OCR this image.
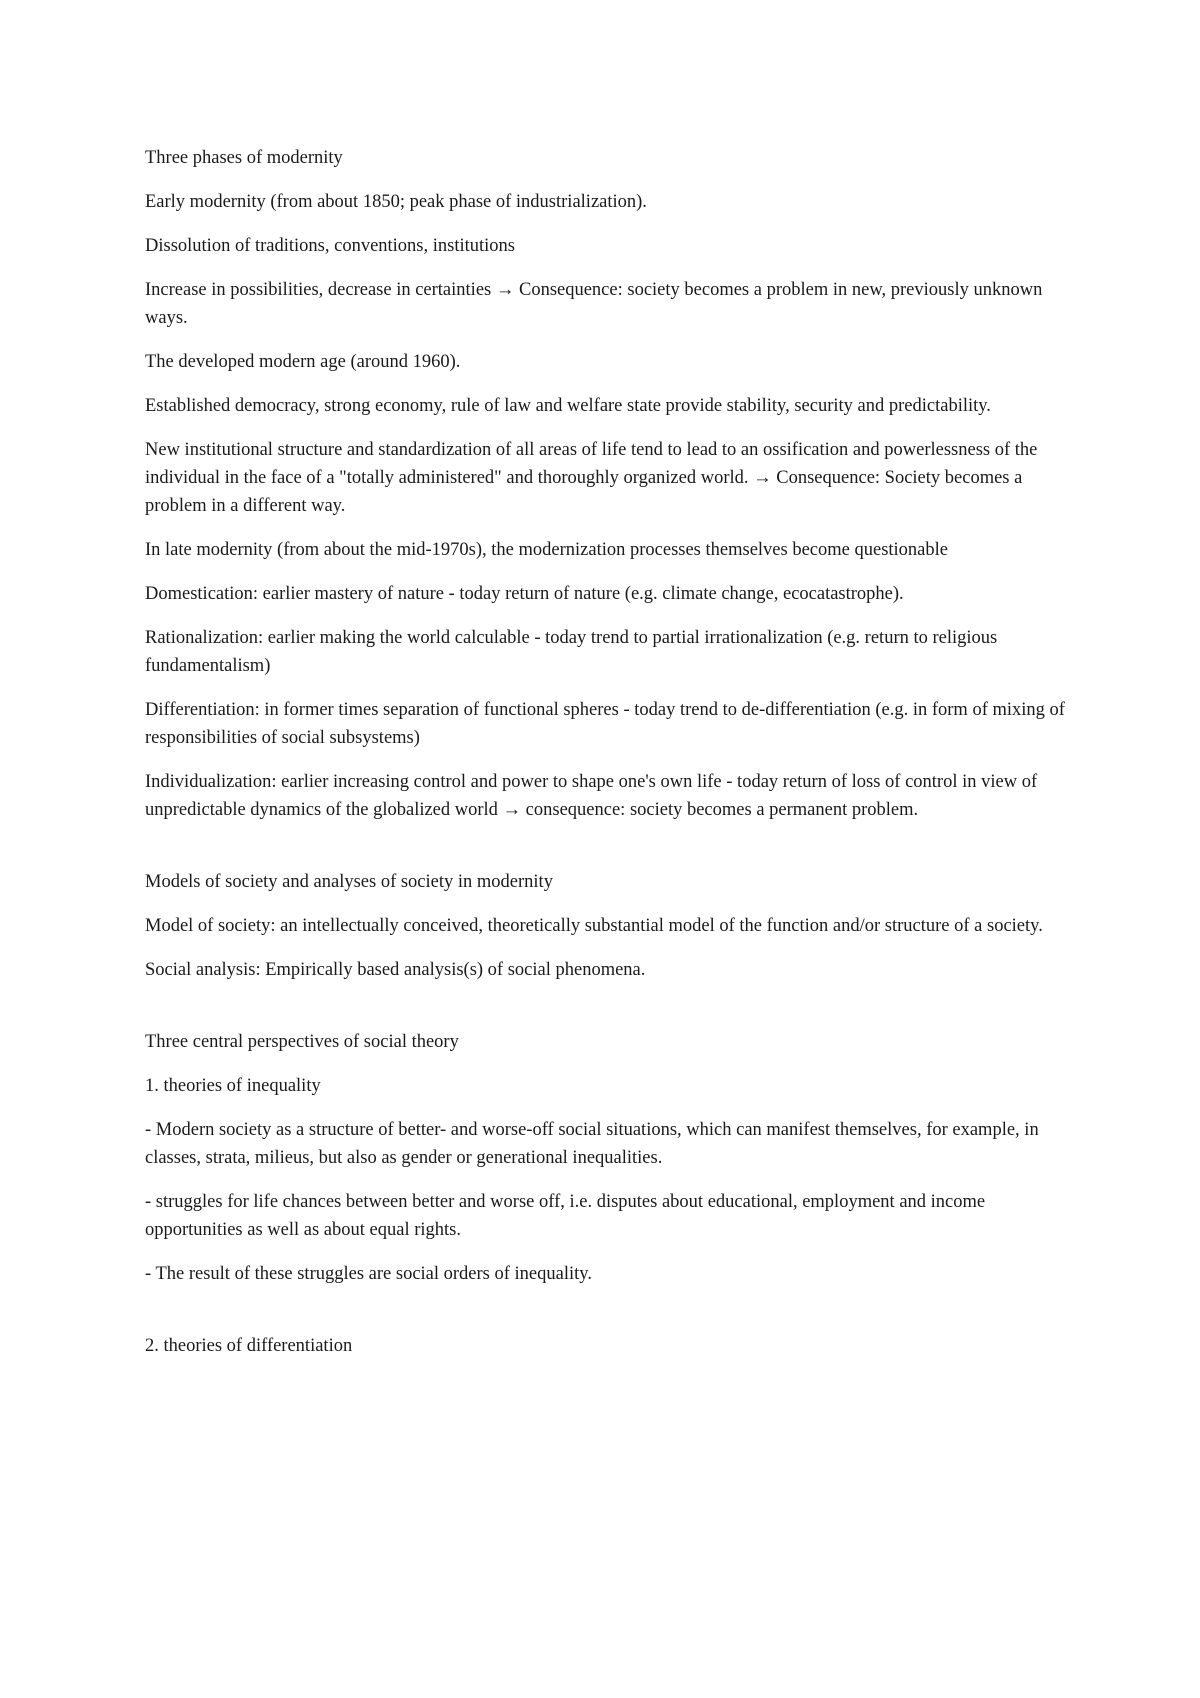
Three phases of modernity

Early modernity (from about 1850; peak phase of industrialization).

Dissolution of traditions, conventions, institutions

Increase in possibilities, decrease in certainties → Consequence: society becomes a problem in new, previously unknown ways.

The developed modern age (around 1960).

Established democracy, strong economy, rule of law and welfare state provide stability, security and predictability.

New institutional structure and standardization of all areas of life tend to lead to an ossification and powerlessness of the individual in the face of a "totally administered" and thoroughly organized world. → Consequence: Society becomes a problem in a different way.

In late modernity (from about the mid-1970s), the modernization processes themselves become questionable

Domestication: earlier mastery of nature - today return of nature (e.g. climate change, ecocatastrophe).

Rationalization: earlier making the world calculable - today trend to partial irrationalization (e.g. return to religious fundamentalism)

Differentiation: in former times separation of functional spheres - today trend to de-differentiation (e.g. in form of mixing of responsibilities of social subsystems)

Individualization: earlier increasing control and power to shape one's own life - today return of loss of control in view of unpredictable dynamics of the globalized world → consequence: society becomes a permanent problem.

Models of society and analyses of society in modernity

Model of society: an intellectually conceived, theoretically substantial model of the function and/or structure of a society.

Social analysis: Empirically based analysis(s) of social phenomena.

Three central perspectives of social theory

1. theories of inequality

- Modern society as a structure of better- and worse-off social situations, which can manifest themselves, for example, in classes, strata, milieus, but also as gender or generational inequalities.

- struggles for life chances between better and worse off, i.e. disputes about educational, employment and income opportunities as well as about equal rights.

- The result of these struggles are social orders of inequality.

2. theories of differentiation
